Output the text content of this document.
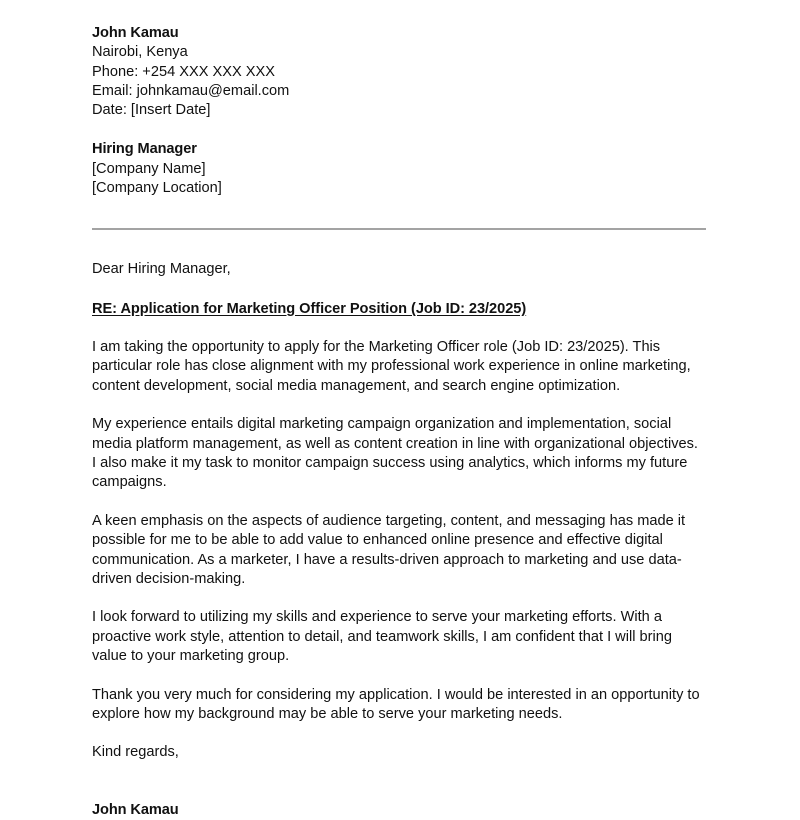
John Kamau
Nairobi, Kenya
Phone: +254 XXX XXX XXX
Email: johnkamau@email.com
Date: [Insert Date]
Hiring Manager
[Company Name]
[Company Location]
Dear Hiring Manager,
RE: Application for Marketing Officer Position (Job ID: 23/2025)

I am taking the opportunity to apply for the Marketing Officer role (Job ID: 23/2025). This particular role has close alignment with my professional work experience in online marketing, content development, social media management, and search engine optimization.

My experience entails digital marketing campaign organization and implementation, social media platform management, as well as content creation in line with organizational objectives. I also make it my task to monitor campaign success using analytics, which informs my future campaigns.

A keen emphasis on the aspects of audience targeting, content, and messaging has made it possible for me to be able to add value to enhanced online presence and effective digital communication. As a marketer, I have a results-driven approach to marketing and use data-driven decision-making.

I look forward to utilizing my skills and experience to serve your marketing efforts. With a proactive work style, attention to detail, and teamwork skills, I am confident that I will bring value to your marketing group.

Thank you very much for considering my application. I would be interested in an opportunity to explore how my background may be able to serve your marketing needs.

Kind regards,
John Kamau
